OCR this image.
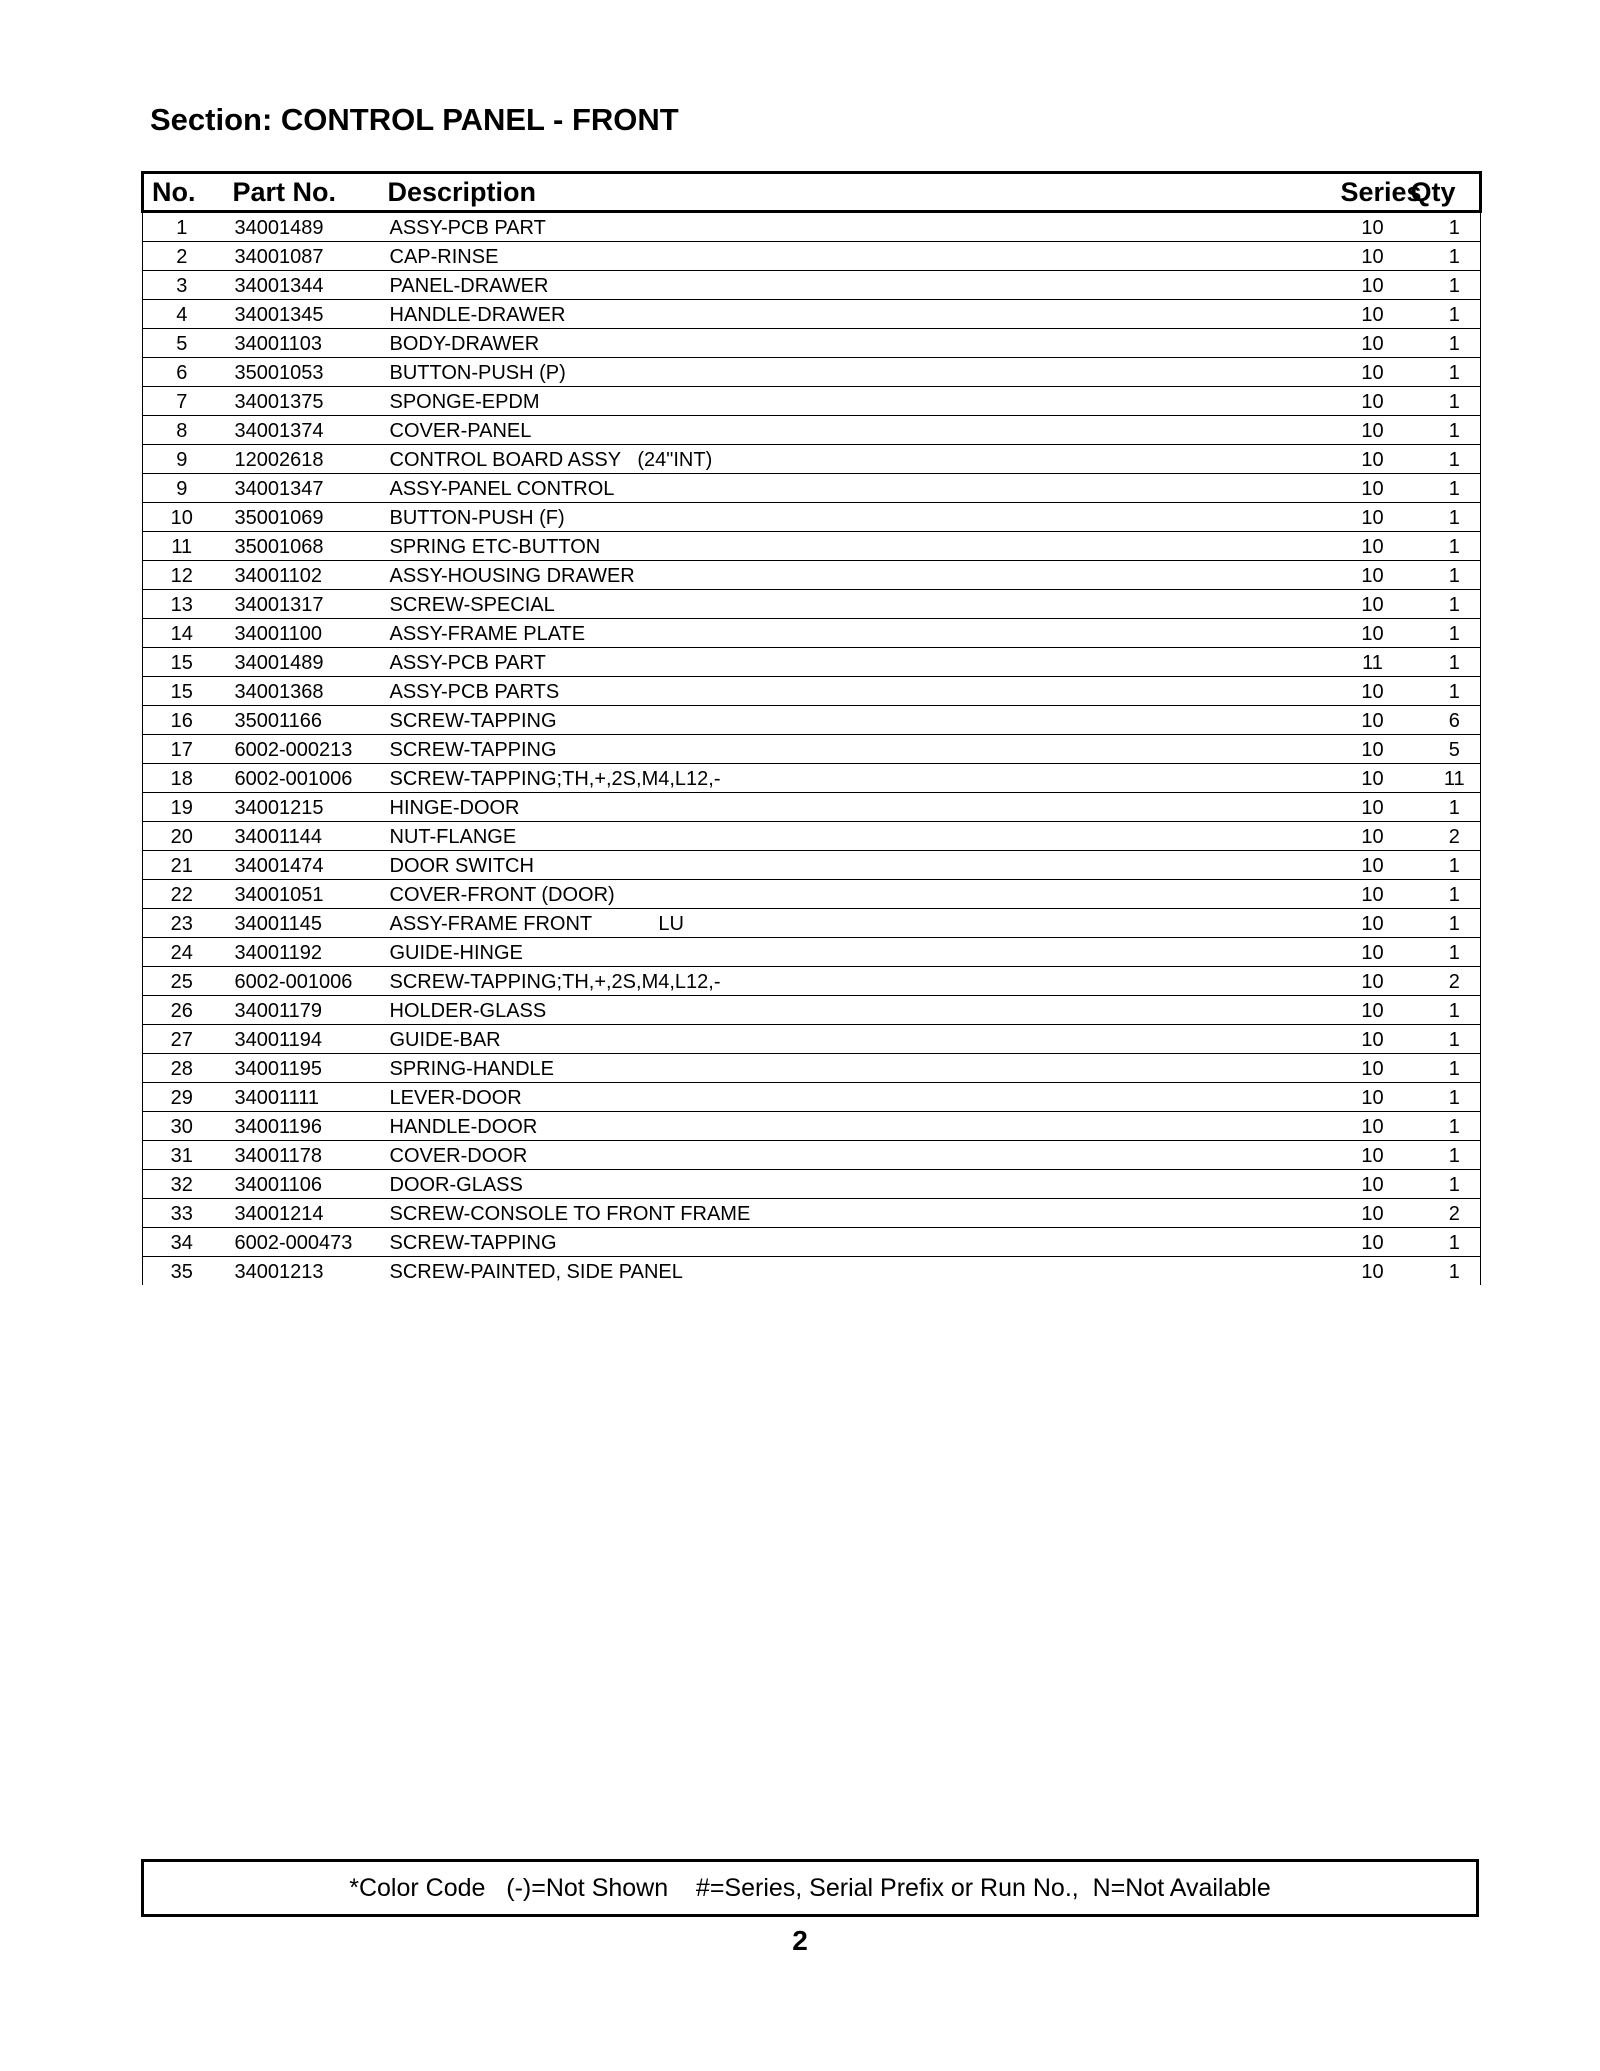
Section: CONTROL PANEL - FRONT
No.	Part No.	Description	Series	Qty
1	34001489	ASSY-PCB PART	10	1
2	34001087	CAP-RINSE	10	1
3	34001344	PANEL-DRAWER	10	1
4	34001345	HANDLE-DRAWER	10	1
5	34001103	BODY-DRAWER	10	1
6	35001053	BUTTON-PUSH (P)	10	1
7	34001375	SPONGE-EPDM	10	1
8	34001374	COVER-PANEL	10	1
9	12002618	CONTROL BOARD ASSY   (24"INT)	10	1
9	34001347	ASSY-PANEL CONTROL	10	1
10	35001069	BUTTON-PUSH (F)	10	1
11	35001068	SPRING ETC-BUTTON	10	1
12	34001102	ASSY-HOUSING DRAWER	10	1
13	34001317	SCREW-SPECIAL	10	1
14	34001100	ASSY-FRAME PLATE	10	1
15	34001489	ASSY-PCB PART	11	1
15	34001368	ASSY-PCB PARTS	10	1
16	35001166	SCREW-TAPPING	10	6
17	6002-000213	SCREW-TAPPING	10	5
18	6002-001006	SCREW-TAPPING;TH,+,2S,M4,L12,-	10	11
19	34001215	HINGE-DOOR	10	1
20	34001144	NUT-FLANGE	10	2
21	34001474	DOOR SWITCH	10	1
22	34001051	COVER-FRONT (DOOR)	10	1
23	34001145	ASSY-FRAME FRONT            LU	10	1
24	34001192	GUIDE-HINGE	10	1
25	6002-001006	SCREW-TAPPING;TH,+,2S,M4,L12,-	10	2
26	34001179	HOLDER-GLASS	10	1
27	34001194	GUIDE-BAR	10	1
28	34001195	SPRING-HANDLE	10	1
29	34001111	LEVER-DOOR	10	1
30	34001196	HANDLE-DOOR	10	1
31	34001178	COVER-DOOR	10	1
32	34001106	DOOR-GLASS	10	1
33	34001214	SCREW-CONSOLE TO FRONT FRAME	10	2
34	6002-000473	SCREW-TAPPING	10	1
35	34001213	SCREW-PAINTED, SIDE PANEL	10	1
*Color Code   (-)=Not Shown    #=Series, Serial Prefix or Run No.,  N=Not Available
2
